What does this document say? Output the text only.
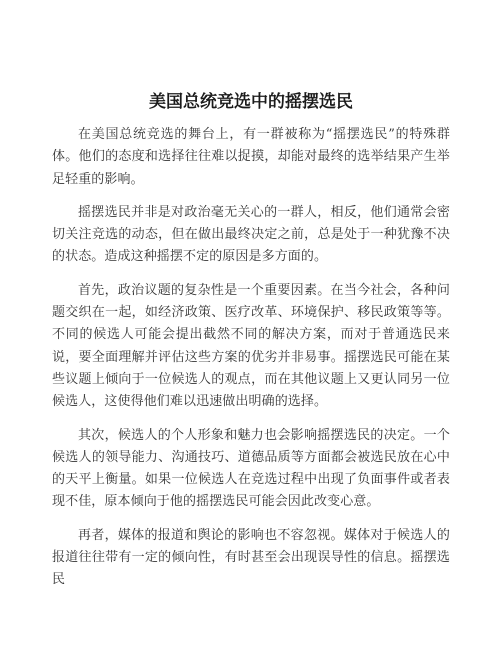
美国总统竞选中的摇摆选民

在美国总统竞选的舞台上，有一群被称为“摇摆选民”的特殊群体。他们的态度和选择往往难以捉摸，却能对最终的选举结果产生举足轻重的影响。

摇摆选民并非是对政治毫无关心的一群人，相反，他们通常会密切关注竞选的动态，但在做出最终决定之前，总是处于一种犹豫不决的状态。造成这种摇摆不定的原因是多方面的。

首先，政治议题的复杂性是一个重要因素。在当今社会，各种问题交织在一起，如经济政策、医疗改革、环境保护、移民政策等等。不同的候选人可能会提出截然不同的解决方案，而对于普通选民来说，要全面理解并评估这些方案的优劣并非易事。摇摆选民可能在某些议题上倾向于一位候选人的观点，而在其他议题上又更认同另一位候选人，这使得他们难以迅速做出明确的选择。

其次，候选人的个人形象和魅力也会影响摇摆选民的决定。一个候选人的领导能力、沟通技巧、道德品质等方面都会被选民放在心中的天平上衡量。如果一位候选人在竞选过程中出现了负面事件或者表现不佳，原本倾向于他的摇摆选民可能会因此改变心意。

再者，媒体的报道和舆论的影响也不容忽视。媒体对于候选人的报道往往带有一定的倾向性，有时甚至会出现误导性的信息。摇摆选民
